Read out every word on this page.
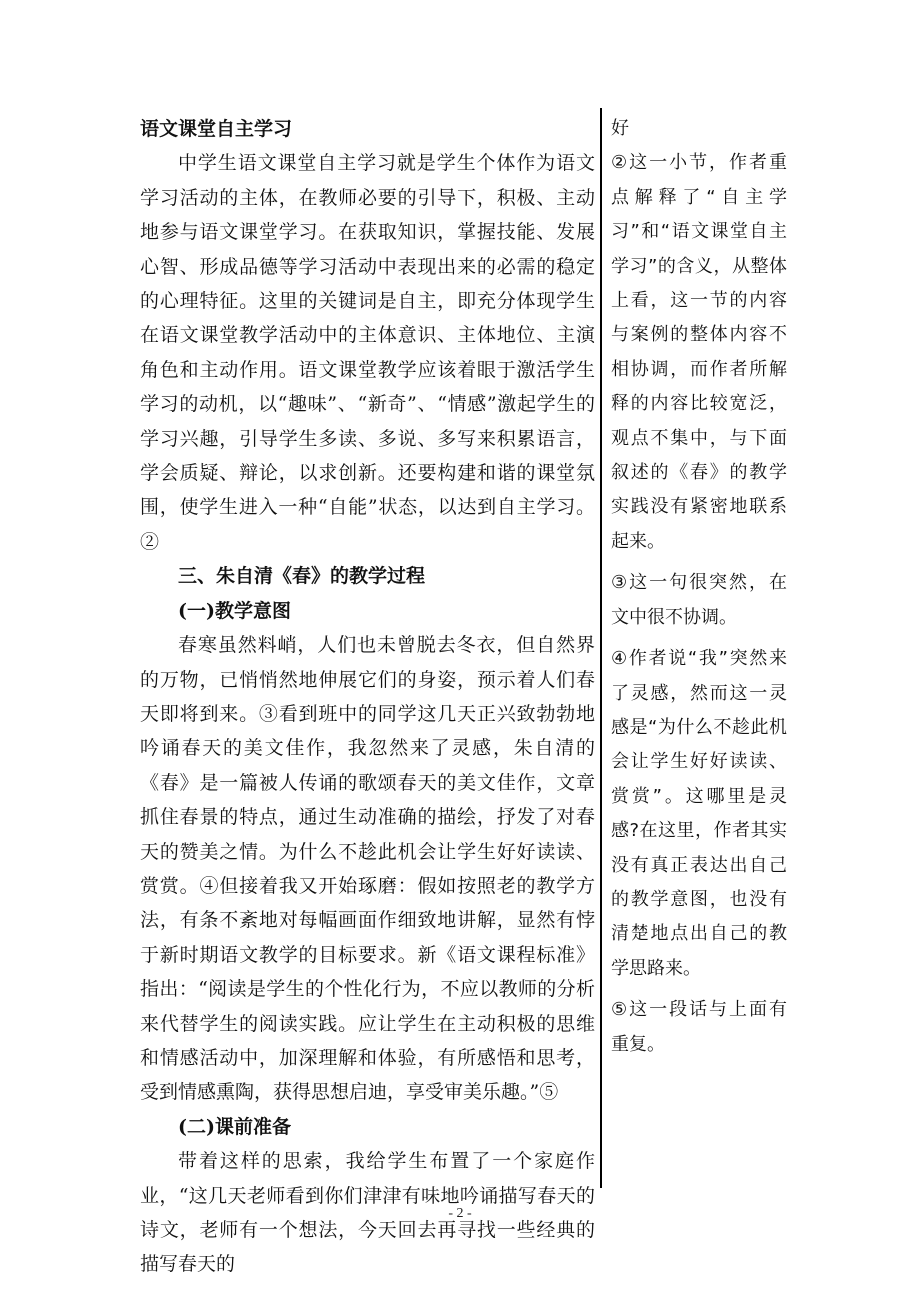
语文课堂自主学习

中学生语文课堂自主学习就是学生个体作为语文学习活动的主体，在教师必要的引导下，积极、主动地参与语文课堂学习。在获取知识，掌握技能、发展心智、形成品德等学习活动中表现出来的必需的稳定的心理特征。这里的关键词是自主，即充分体现学生在语文课堂教学活动中的主体意识、主体地位、主演角色和主动作用。语文课堂教学应该着眼于激活学生学习的动机，以“趣味”、“新奇”、“情感”激起学生的学习兴趣，引导学生多读、多说、多写来积累语言，学会质疑、辩论，以求创新。还要构建和谐的课堂氛围，使学生进入一种“自能”状态，以达到自主学习。②

三、朱自清《春》的教学过程

(一)教学意图

春寒虽然料峭，人们也未曾脱去冬衣，但自然界的万物，已悄悄然地伸展它们的身姿，预示着人们春天即将到来。③看到班中的同学这几天正兴致勃勃地吟诵春天的美文佳作，我忽然来了灵感，朱自清的《春》是一篇被人传诵的歌颂春天的美文佳作，文章抓住春景的特点，通过生动准确的描绘，抒发了对春天的赞美之情。为什么不趁此机会让学生好好读读、赏赏。④但接着我又开始琢磨：假如按照老的教学方法，有条不紊地对每幅画面作细致地讲解，显然有悖于新时期语文教学的目标要求。新《语文课程标准》指出：“阅读是学生的个性化行为，不应以教师的分析来代替学生的阅读实践。应让学生在主动积极的思维和情感活动中，加深理解和体验，有所感悟和思考，受到情感熏陶，获得思想启迪，享受审美乐趣。”⑤

(二)课前准备

带着这样的思索，我给学生布置了一个家庭作业，“这几天老师看到你们津津有味地吟诵描写春天的诗文，老师有一个想法，今天回去再寻找一些经典的描写春天的

好

②这一小节，作者重点解释了“自主学习”和“语文课堂自主学习”的含义，从整体上看，这一节的内容与案例的整体内容不相协调，而作者所解释的内容比较宽泛，观点不集中，与下面叙述的《春》的教学实践没有紧密地联系起来。

③这一句很突然，在文中很不协调。

④作者说“我”突然来了灵感，然而这一灵感是“为什么不趁此机会让学生好好读读、赏赏”。这哪里是灵感?在这里，作者其实没有真正表达出自己的教学意图，也没有清楚地点出自己的教学思路来。

⑤这一段话与上面有重复。

- 2 -
